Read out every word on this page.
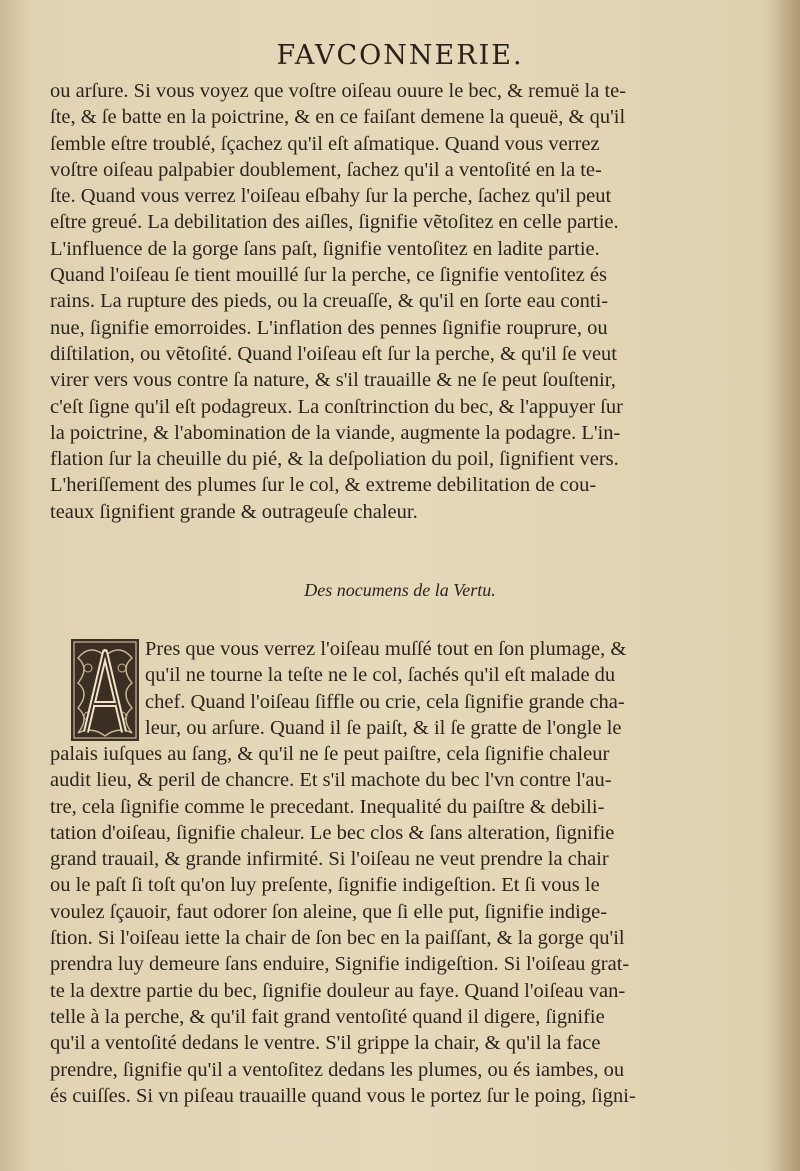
FAVCONNERIE.
ou arſure. Si vous voyez que voſtre oiſeau ouure le bec, & remuë la te-
ſte, & ſe batte en la poictrine, & en ce faiſant demene la queuë, & qu'il
ſemble eſtre troublé, ſçachez qu'il eſt aſmatique. Quand vous verrez
voſtre oiſeau palpabier doublement, ſachez qu'il a ventoſité en la te-
ſte. Quand vous verrez l'oiſeau eſbahy ſur la perche, ſachez qu'il peut
eſtre greué. La debilitation des aiſles, ſignifie vẽtoſitez en celle partie.
L'influence de la gorge ſans paſt, ſignifie ventoſitez en ladite partie.
Quand l'oiſeau ſe tient mouillé ſur la perche, ce ſignifie ventoſitez és
rains. La rupture des pieds, ou la creuaſſe, & qu'il en ſorte eau conti-
nue, ſignifie emorroides. L'inflation des pennes ſignifie rouprure, ou
diſtilation, ou vẽtoſité. Quand l'oiſeau eſt ſur la perche, & qu'il ſe veut
virer vers vous contre ſa nature, & s'il trauaille & ne ſe peut ſouſtenir,
c'eſt ſigne qu'il eſt podagreux. La conſtrinction du bec, & l'appuyer ſur
la poictrine, & l'abomination de la viande, augmente la podagre. L'in-
flation ſur la cheuille du pié, & la deſpoliation du poil, ſignifient vers.
L'heriſſement des plumes ſur le col, & extreme debilitation de cou-
teaux ſignifient grande & outrageuſe chaleur.
Des nocumens de la Vertu.
Pres que vous verrez l'oiſeau muſſé tout en ſon plumage, &
qu'il ne tourne la teſte ne le col, ſachés qu'il eſt malade du
chef. Quand l'oiſeau ſiffle ou crie, cela ſignifie grande cha-
leur, ou arſure. Quand il ſe paiſt, & il ſe gratte de l'ongle le
palais iuſques au ſang, & qu'il ne ſe peut paiſtre, cela ſignifie chaleur
audit lieu, & peril de chancre. Et s'il machote du bec l'vn contre l'au-
tre, cela ſignifie comme le precedant. Inequalité du paiſtre & debili-
tation d'oiſeau, ſignifie chaleur. Le bec clos & ſans alteration, ſignifie
grand trauail, & grande infirmité. Si l'oiſeau ne veut prendre la chair
ou le paſt ſi toſt qu'on luy preſente, ſignifie indigeſtion. Et ſi vous le
voulez ſçauoir, faut odorer ſon aleine, que ſi elle put, ſignifie indige-
ſtion. Si l'oiſeau iette la chair de ſon bec en la paiſſant, & la gorge qu'il
prendra luy demeure ſans enduire, Signifie indigeſtion. Si l'oiſeau grat-
te la dextre partie du bec, ſignifie douleur au faye. Quand l'oiſeau van-
telle à la perche, & qu'il fait grand ventoſité quand il digere, ſignifie
qu'il a ventoſité dedans le ventre. S'il grippe la chair, & qu'il la face
prendre, ſignifie qu'il a ventoſitez dedans les plumes, ou és iambes, ou
és cuiſſes. Si vn piſeau trauaille quand vous le portez ſur le poing, ſigni-
